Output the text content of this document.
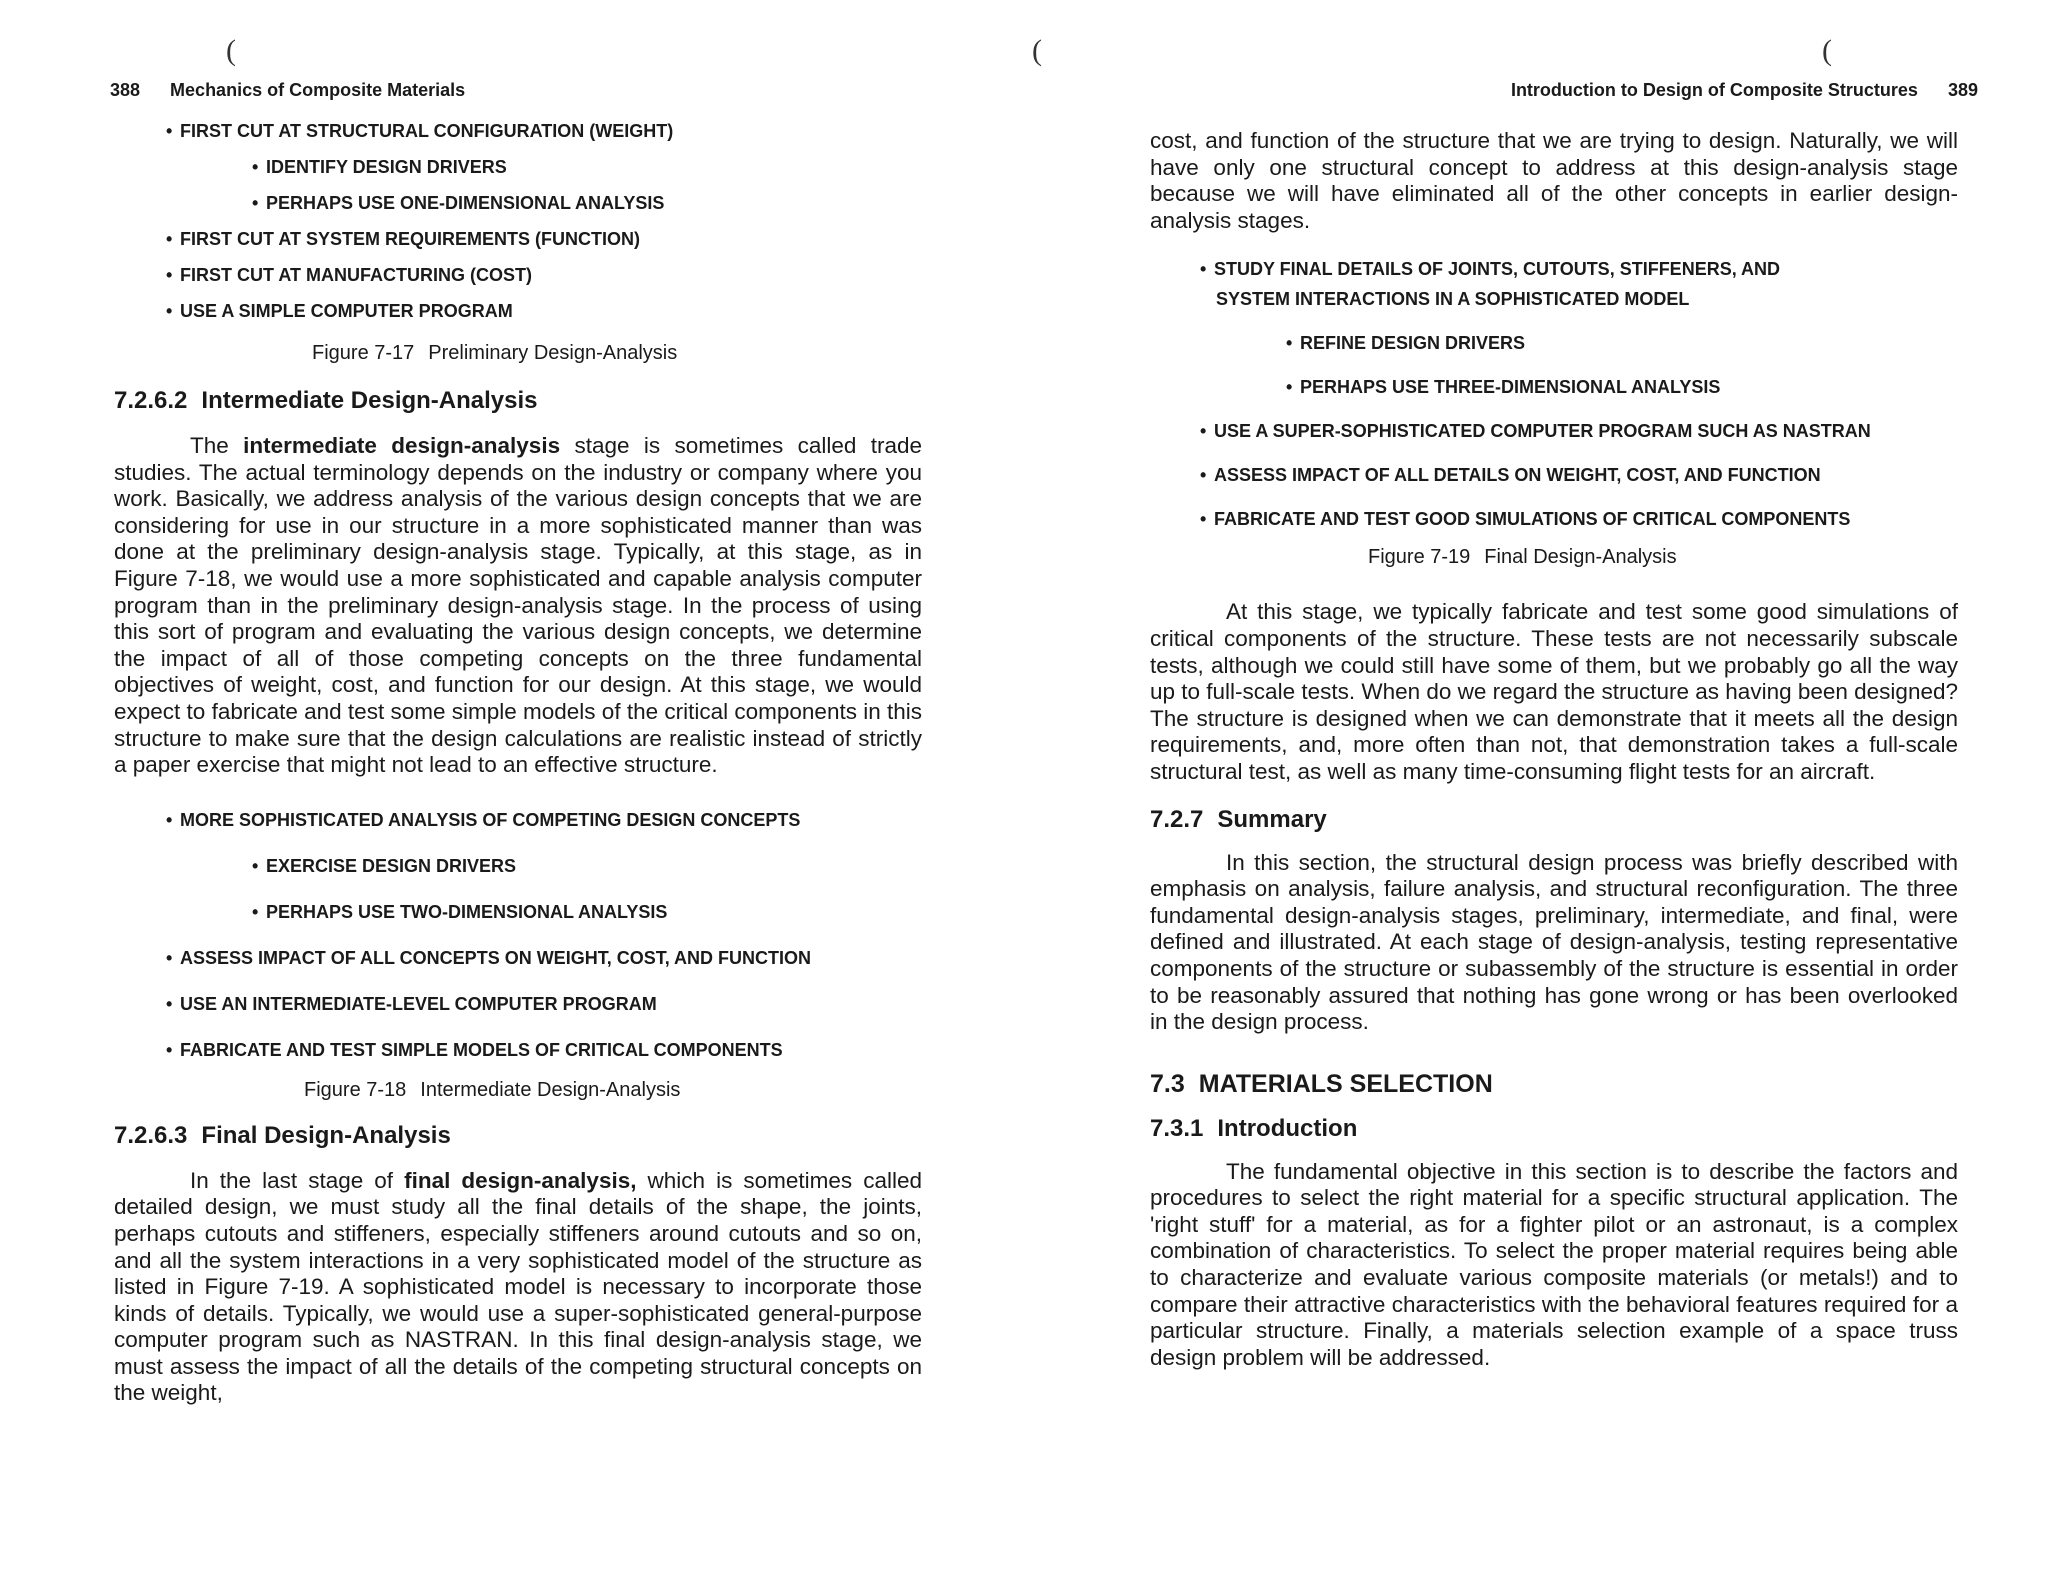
(
388 Mechanics of Composite Materials

• FIRST CUT AT STRUCTURAL CONFIGURATION (WEIGHT)

• IDENTIFY DESIGN DRIVERS

• PERHAPS USE ONE-DIMENSIONAL ANALYSIS

• FIRST CUT AT SYSTEM REQUIREMENTS (FUNCTION)

• FIRST CUT AT MANUFACTURING (COST)

• USE A SIMPLE COMPUTER PROGRAM

Figure 7-17 Preliminary Design-Analysis

7.2.6.2 Intermediate Design-Analysis

The intermediate design-analysis stage is sometimes called trade studies. The actual terminology depends on the industry or company where you work. Basically, we address analysis of the various design concepts that we are considering for use in our structure in a more sophisticated manner than was done at the preliminary design-analysis stage. Typically, at this stage, as in Figure 7-18, we would use a more sophisticated and capable analysis computer program than in the preliminary design-analysis stage. In the process of using this sort of program and evaluating the various design concepts, we determine the impact of all of those competing concepts on the three fundamental objectives of weight, cost, and function for our design. At this stage, we would expect to fabricate and test some simple models of the critical components in this structure to make sure that the design calculations are realistic instead of strictly a paper exercise that might not lead to an effective structure.

• MORE SOPHISTICATED ANALYSIS OF COMPETING DESIGN CONCEPTS

• EXERCISE DESIGN DRIVERS

• PERHAPS USE TWO-DIMENSIONAL ANALYSIS

• ASSESS IMPACT OF ALL CONCEPTS ON WEIGHT, COST, AND FUNCTION

• USE AN INTERMEDIATE-LEVEL COMPUTER PROGRAM

• FABRICATE AND TEST SIMPLE MODELS OF CRITICAL COMPONENTS

Figure 7-18 Intermediate Design-Analysis

7.2.6.3 Final Design-Analysis

In the last stage of final design-analysis, which is sometimes called detailed design, we must study all the final details of the shape, the joints, perhaps cutouts and stiffeners, especially stiffeners around cutouts and so on, and all the system interactions in a very sophisticated model of the structure as listed in Figure 7-19. A sophisticated model is necessary to incorporate those kinds of details. Typically, we would use a super-sophisticated general-purpose computer program such as NASTRAN. In this final design-analysis stage, we must assess the impact of all the details of the competing structural concepts on the weight,

(	(
Introduction to Design of Composite Structures 389

cost, and function of the structure that we are trying to design. Naturally, we will have only one structural concept to address at this design-analysis stage because we will have eliminated all of the other concepts in earlier design-analysis stages.

• STUDY FINAL DETAILS OF JOINTS, CUTOUTS, STIFFENERS, AND

SYSTEM INTERACTIONS IN A SOPHISTICATED MODEL

• REFINE DESIGN DRIVERS

• PERHAPS USE THREE-DIMENSIONAL ANALYSIS

• USE A SUPER-SOPHISTICATED COMPUTER PROGRAM SUCH AS NASTRAN

• ASSESS IMPACT OF ALL DETAILS ON WEIGHT, COST, AND FUNCTION

• FABRICATE AND TEST GOOD SIMULATIONS OF CRITICAL COMPONENTS

Figure 7-19 Final Design-Analysis

At this stage, we typically fabricate and test some good simulations of critical components of the structure. These tests are not necessarily subscale tests, although we could still have some of them, but we probably go all the way up to full-scale tests. When do we regard the structure as having been designed? The structure is designed when we can demonstrate that it meets all the design requirements, and, more often than not, that demonstration takes a full-scale structural test, as well as many time-consuming flight tests for an aircraft.

7.2.7 Summary

In this section, the structural design process was briefly described with emphasis on analysis, failure analysis, and structural reconfiguration. The three fundamental design-analysis stages, preliminary, intermediate, and final, were defined and illustrated. At each stage of design-analysis, testing representative components of the structure or subassembly of the structure is essential in order to be reasonably assured that nothing has gone wrong or has been overlooked in the design process.

7.3 MATERIALS SELECTION
7.3.1 Introduction

The fundamental objective in this section is to describe the factors and procedures to select the right material for a specific structural application. The 'right stuff' for a material, as for a fighter pilot or an astronaut, is a complex combination of characteristics. To select the proper material requires being able to characterize and evaluate various composite materials (or metals!) and to compare their attractive characteristics with the behavioral features required for a particular structure. Finally, a materials selection example of a space truss design problem will be addressed.
